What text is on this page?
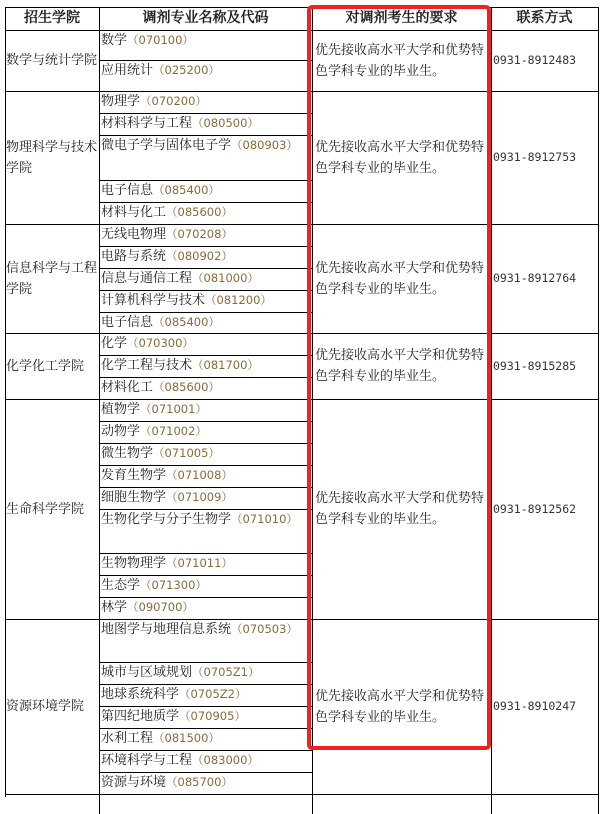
招生学院	调剂专业名称及代码	对调剂考生的要求	联系方式
数学与统计学院
数学（070100）
应用统计（025200）
优先接收高水平大学和优势特色学科专业的毕业生。
0931-8912483
物理科学与技术学院
物理学（070200）
材料科学与工程（080500）
微电子学与固体电子学（080903）
电子信息（085400）
材料与化工（085600）
优先接收高水平大学和优势特色学科专业的毕业生。
0931-8912753
信息科学与工程学院
无线电物理（070208）
电路与系统（080902）
信息与通信工程（081000）
计算机科学与技术（081200）
电子信息（085400）
优先接收高水平大学和优势特色学科专业的毕业生。
0931-8912764
化学化工学院
化学（070300）
化学工程与技术（081700）
材料化工（085600）
优先接收高水平大学和优势特色学科专业的毕业生。
0931-8915285
生命科学学院
植物学（071001）
动物学（071002）
微生物学（071005）
发育生物学（071008）
细胞生物学（071009）
生物化学与分子生物学（071010）
生物物理学（071011）
生态学（071300）
林学（090700）
优先接收高水平大学和优势特色学科专业的毕业生。
0931-8912562
资源环境学院
地图学与地理信息系统（070503）
城市与区域规划（0705Z1）
地球系统科学（0705Z2）
第四纪地质学（070905）
水利工程（081500）
环境科学与工程（083000）
资源与环境（085700）
优先接收高水平大学和优势特色学科专业的毕业生。
0931-8910247
